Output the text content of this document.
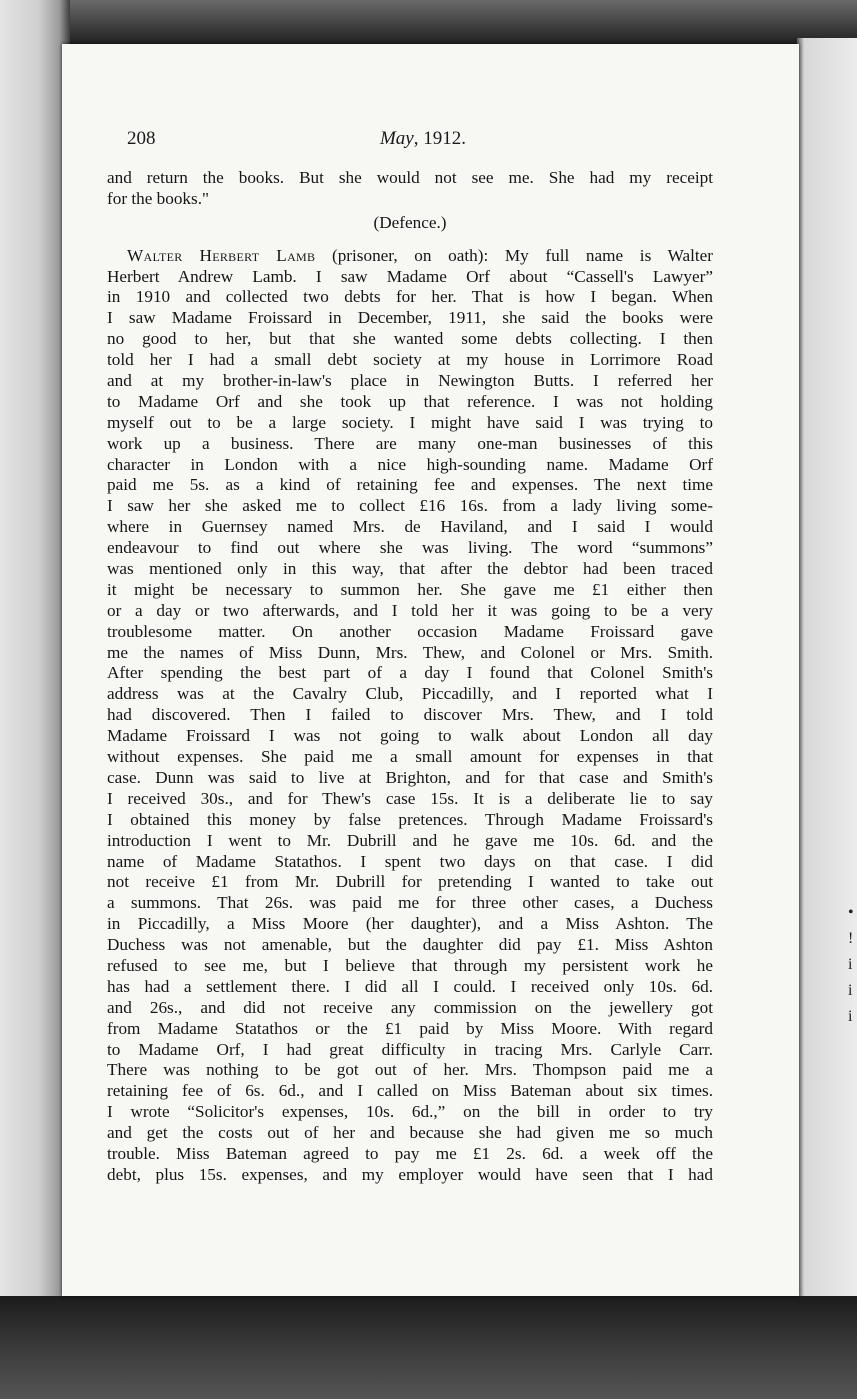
•
!
i
i
i
208	May, 1912.
and return the books. But she would not see me. She had my receipt
for the books."
(Defence.)
Walter Herbert Lamb (prisoner, on oath): My full name is Walter
Herbert Andrew Lamb. I saw Madame Orf about “Cassell's Lawyer”
in 1910 and collected two debts for her. That is how I began. When
I saw Madame Froissard in December, 1911, she said the books were
no good to her, but that she wanted some debts collecting. I then
told her I had a small debt society at my house in Lorrimore Road
and at my brother-in-law's place in Newington Butts. I referred her
to Madame Orf and she took up that reference. I was not holding
myself out to be a large society. I might have said I was trying to
work up a business. There are many one-man businesses of this
character in London with a nice high-sounding name. Madame Orf
paid me 5s. as a kind of retaining fee and expenses. The next time
I saw her she asked me to collect £16 16s. from a lady living some-
where in Guernsey named Mrs. de Haviland, and I said I would
endeavour to find out where she was living. The word “summons”
was mentioned only in this way, that after the debtor had been traced
it might be necessary to summon her. She gave me £1 either then
or a day or two afterwards, and I told her it was going to be a very
troublesome matter. On another occasion Madame Froissard gave
me the names of Miss Dunn, Mrs. Thew, and Colonel or Mrs. Smith.
After spending the best part of a day I found that Colonel Smith's
address was at the Cavalry Club, Piccadilly, and I reported what I
had discovered. Then I failed to discover Mrs. Thew, and I told
Madame Froissard I was not going to walk about London all day
without expenses. She paid me a small amount for expenses in that
case. Dunn was said to live at Brighton, and for that case and Smith's
I received 30s., and for Thew's case 15s. It is a deliberate lie to say
I obtained this money by false pretences. Through Madame Froissard's
introduction I went to Mr. Dubrill and he gave me 10s. 6d. and the
name of Madame Statathos. I spent two days on that case. I did
not receive £1 from Mr. Dubrill for pretending I wanted to take out
a summons. That 26s. was paid me for three other cases, a Duchess
in Piccadilly, a Miss Moore (her daughter), and a Miss Ashton. The
Duchess was not amenable, but the daughter did pay £1. Miss Ashton
refused to see me, but I believe that through my persistent work he
has had a settlement there. I did all I could. I received only 10s. 6d.
and 26s., and did not receive any commission on the jewellery got
from Madame Statathos or the £1 paid by Miss Moore. With regard
to Madame Orf, I had great difficulty in tracing Mrs. Carlyle Carr.
There was nothing to be got out of her. Mrs. Thompson paid me a
retaining fee of 6s. 6d., and I called on Miss Bateman about six times.
I wrote “Solicitor's expenses, 10s. 6d.,” on the bill in order to try
and get the costs out of her and because she had given me so much
trouble. Miss Bateman agreed to pay me £1 2s. 6d. a week off the
debt, plus 15s. expenses, and my employer would have seen that I had
